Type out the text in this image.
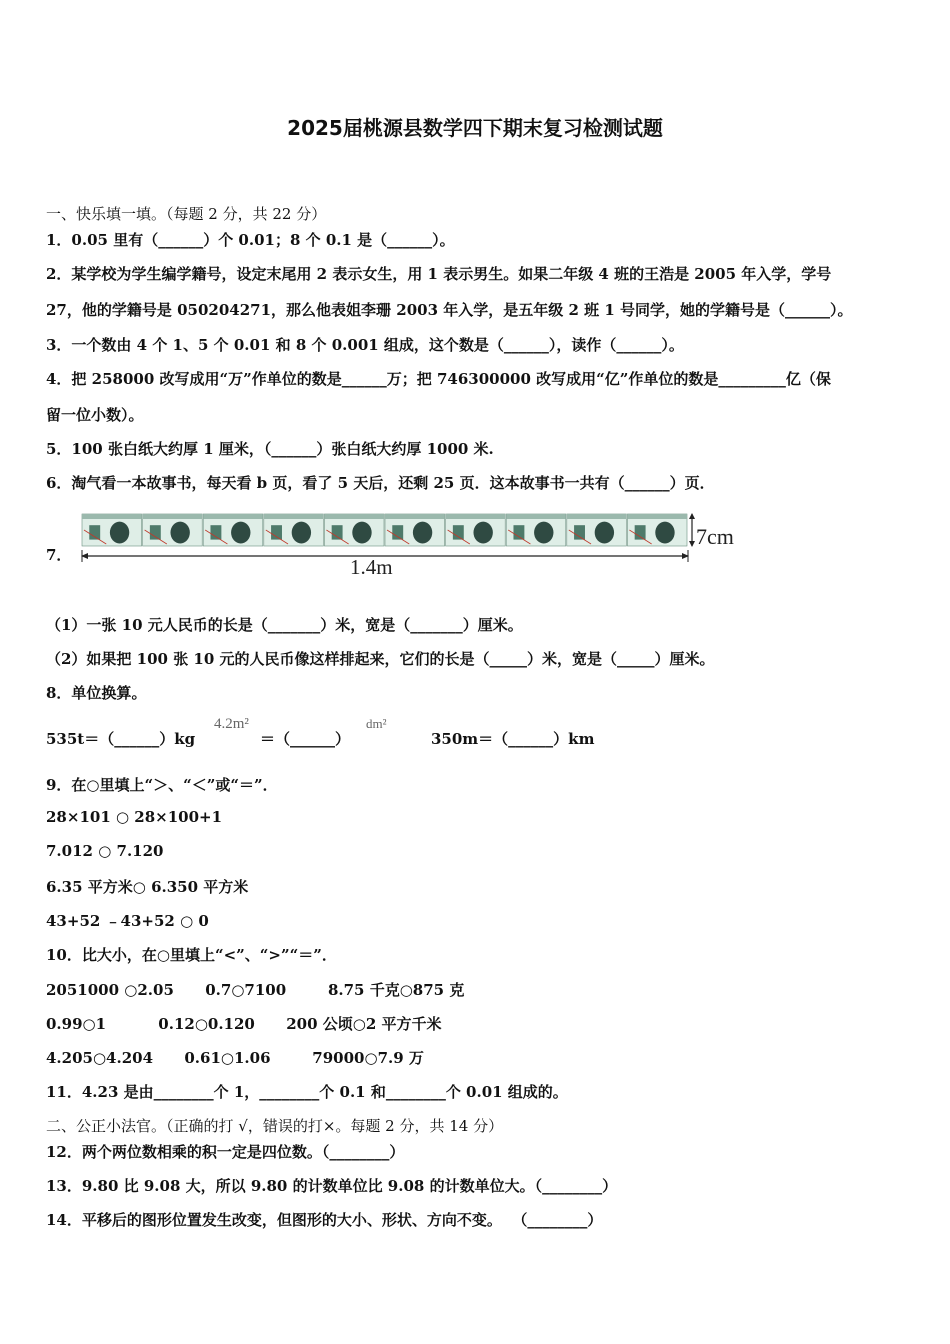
2025届桃源县数学四下期末复习检测试题
一、快乐填一填。（每题 2 分，共 22 分）
1．0.05 里有（______）个 0.01；8 个 0.1 是（______）。
2．某学校为学生编学籍号，设定末尾用 2 表示女生，用 1 表示男生。如果二年级 4 班的王浩是 2005 年入学，学号
27，他的学籍号是 050204271，那么他表姐李珊 2003 年入学，是五年级 2 班 1 号同学，她的学籍号是（______）。
3．一个数由 4 个 1、5 个 0.01 和 8 个 0.001 组成，这个数是（______），读作（______）。
4．把 258000 改写成用“万”作单位的数是______万；把 746300000 改写成用“亿”作单位的数是_________亿（保
留一位小数）。
5．100 张白纸大约厚 1 厘米，（______）张白纸大约厚 1000 米.
6．淘气看一本故事书，每天看 b 页，看了 5 天后，还剩 25 页．这本故事书一共有（______）页．
7．
7cm
1.4m
（1）一张 10 元人民币的长是（_______）米，宽是（_______）厘米。
（2）如果把 100 张 10 元的人民币像这样排起来，它们的长是（_____）米，宽是（_____）厘米。
8．单位换算。
535t＝（______）kg
4.2m²
＝（______）
dm²
350m＝（______）km
9．在○里填上“＞、“＜”或“＝”．
28×101 ○ 28×100+1
7.012 ○ 7.120
6.35 平方米○ 6.350 平方米
43+52 ﹣43+52 ○ 0
10．比大小，在○里填上“<”、“>”“＝”．
2051000 ○2.05      0.7○7100        8.75 千克○875 克
0.99○1          0.12○0.120      200 公顷○2 平方千米
4.205○4.204      0.61○1.06        79000○7.9 万
11．4.23 是由________个 1，________个 0.1 和________个 0.01 组成的。
二、公正小法官。（正确的打 √，错误的打×。每题 2 分，共 14 分）
12．两个两位数相乘的积一定是四位数。（________）
13．9.80 比 9.08 大，所以 9.80 的计数单位比 9.08 的计数单位大。（________）
14．平移后的图形位置发生改变，但图形的大小、形状、方向不变。  （________）
